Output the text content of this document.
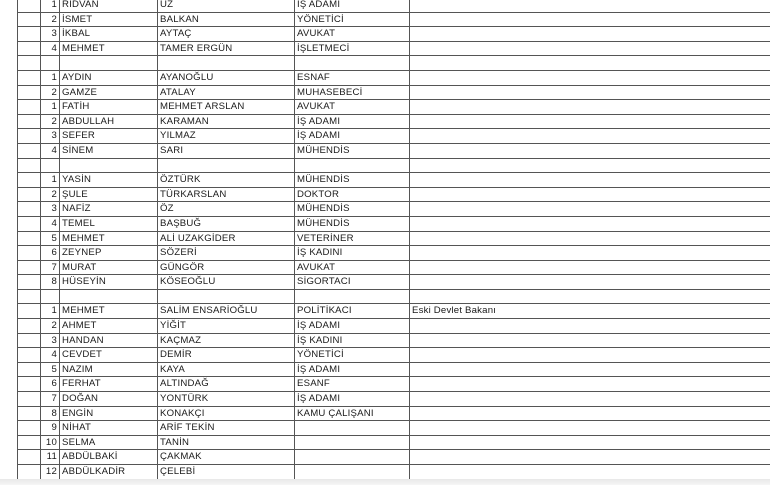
	1	RIDVAN	UZ	İŞ ADAMI	
	2	İSMET	BALKAN	YÖNETİCİ	
	3	İKBAL	AYTAÇ	AVUKAT	
	4	MEHMET	TAMER ERGÜN	İŞLETMECİ	

	1	AYDIN	AYANOĞLU	ESNAF	
	2	GAMZE	ATALAY	MUHASEBECİ	
	1	FATİH	MEHMET ARSLAN	AVUKAT	
	2	ABDULLAH	KARAMAN	İŞ ADAMI	
	3	SEFER	YILMAZ	İŞ ADAMI	
	4	SİNEM	SARI	MÜHENDİS	

	1	YASİN	ÖZTÜRK	MÜHENDİS	
	2	ŞULE	TÜRKARSLAN	DOKTOR	
	3	NAFİZ	ÖZ	MÜHENDİS	
	4	TEMEL	BAŞBUĞ	MÜHENDİS	
	5	MEHMET	ALİ UZAKGİDER	VETERİNER	
	6	ZEYNEP	SÖZERİ	İŞ KADINI	
	7	MURAT	GÜNGÖR	AVUKAT	
	8	HÜSEYİN	KÖSEOĞLU	SİGORTACI	

	1	MEHMET	SALİM ENSARİOĞLU	POLİTİKACI	Eski Devlet Bakanı
	2	AHMET	YİĞİT	İŞ ADAMI	
	3	HANDAN	KAÇMAZ	İŞ KADINI	
	4	CEVDET	DEMİR	YÖNETİCİ	
	5	NAZIM	KAYA	İŞ ADAMI	
	6	FERHAT	ALTINDAĞ	ESANF	
	7	DOĞAN	YONTÜRK	İŞ ADAMI	
	8	ENGİN	KONAKÇI	KAMU ÇALIŞANI	
	9	NİHAT	ARİF TEKİN		
	10	SELMA	TANİN		
	11	ABDÜLBAKİ	ÇAKMAK		
	12	ABDÜLKADİR	ÇELEBİ		
